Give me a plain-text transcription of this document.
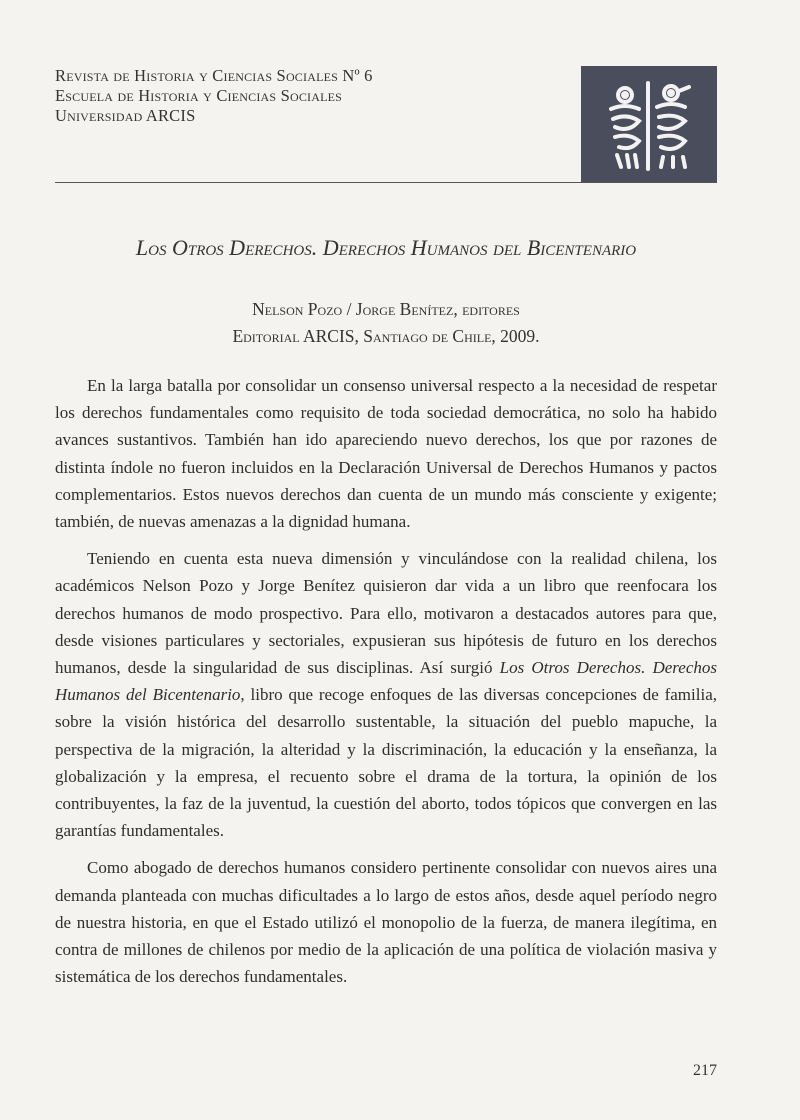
Revista de Historia y Ciencias Sociales Nº 6
Escuela de Historia y Ciencias Sociales
Universidad ARCIS
Los Otros Derechos. Derechos Humanos del Bicentenario
Nelson Pozo / Jorge Benítez, editores
Editorial ARCIS, Santiago de Chile, 2009.

En la larga batalla por consolidar un consenso universal respecto a la necesidad de respetar los derechos fundamentales como requisito de toda sociedad democrática, no solo ha habido avances sustantivos. También han ido apareciendo nuevo derechos, los que por razones de distinta índole no fueron incluidos en la Declaración Universal de Derechos Humanos y pactos complementarios. Estos nuevos derechos dan cuenta de un mundo más consciente y exigente; también, de nuevas amenazas a la dignidad humana.

Teniendo en cuenta esta nueva dimensión y vinculándose con la realidad chilena, los académicos Nelson Pozo y Jorge Benítez quisieron dar vida a un libro que reenfocara los derechos humanos de modo prospectivo. Para ello, motivaron a destacados autores para que, desde visiones particulares y sectoriales, expusieran sus hipótesis de futuro en los derechos humanos, desde la singularidad de sus disciplinas. Así surgió Los Otros Derechos. Derechos Humanos del Bicentenario, libro que recoge enfoques de las diversas concepciones de familia, sobre la visión histórica del desarrollo sustentable, la situación del pueblo mapuche, la perspectiva de la migración, la alteridad y la discriminación, la educación y la enseñanza, la globalización y la empresa, el recuento sobre el drama de la tortura, la opinión de los contribuyentes, la faz de la juventud, la cuestión del aborto, todos tópicos que convergen en las garantías fundamentales.

Como abogado de derechos humanos considero pertinente consolidar con nuevos aires una demanda planteada con muchas dificultades a lo largo de estos años, desde aquel período negro de nuestra historia, en que el Estado utilizó el monopolio de la fuerza, de manera ilegítima, en contra de millones de chilenos por medio de la aplicación de una política de violación masiva y sistemática de los derechos fundamentales.

217
